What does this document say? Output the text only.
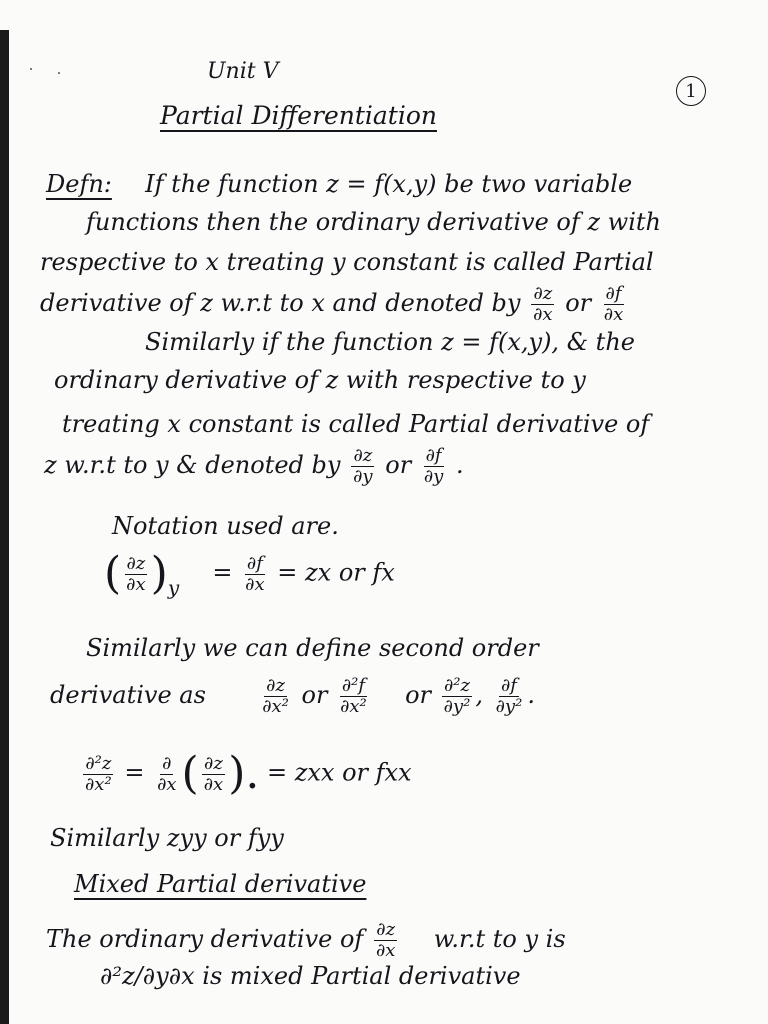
Unit V
1
Partial Differentiation
Defn: If the function z = f(x,y) be two variable
functions then the ordinary derivative of z with
respective to x treating y constant is called Partial
derivative of z w.r.t to x and denoted by $\frac{\partial z}{\partial x}$ or $\frac{\partial f}{\partial x}$
Similarly if the function z = f(x,y), & the
ordinary derivative of z with respective to y
treating x constant is called Partial derivative of
z w.r.t to y & denoted by $\frac{\partial z}{\partial y}$ or $\frac{\partial f}{\partial y}$ .
Notation used are.
( $\frac{\partial z}{\partial x} )_y = \frac{\partial f}{\partial x}$ = zx or fx
Similarly we can define second order
derivative as	$\frac{\partial z}{\text{∂x²}}$ or $\frac{\text{∂²f}}{\text{∂x²}}$ or $\frac{\text{∂²z}}{\text{∂y²}}$ , $\frac{\partial f}{\text{∂y²}}$ .
$\frac{\text{∂²z}}{\text{∂x²}} = \frac{\partial}{\partial x}$ ( $\frac{\partial z}{\partial x}$ ). = zxx or fxx
Similarly zyy or fyy
Mixed Partial derivative
The ordinary derivative of $\frac{\partial z}{\partial x} w.r.t$ to y is
∂²z/∂y∂x is mixed Partial derivative
